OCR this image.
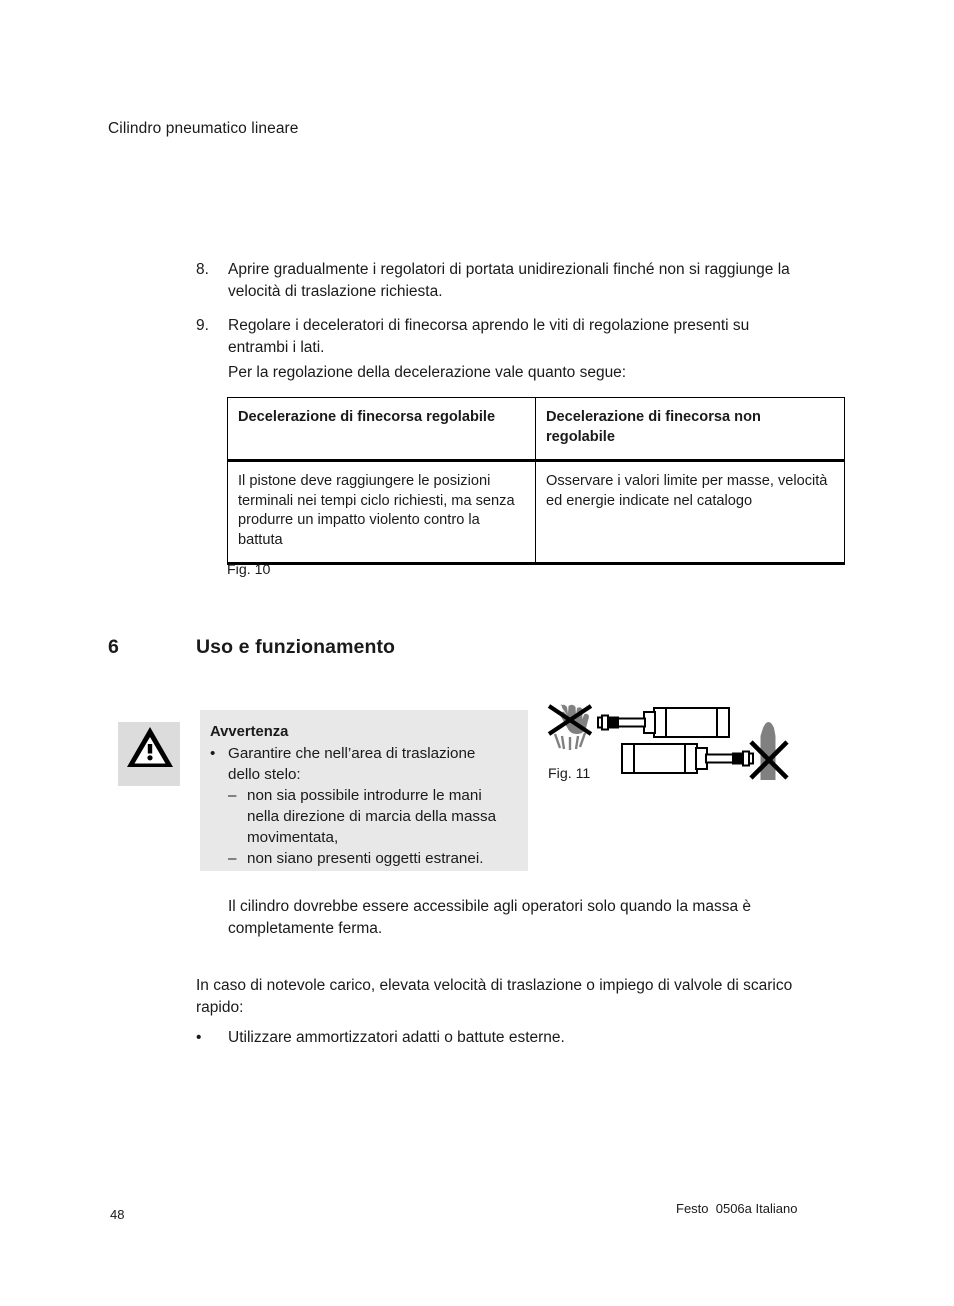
Cilindro pneumatico lineare
8.	Aprire gradualmente i regolatori di portata unidirezionali finché non si raggiunge la velocità di traslazione richiesta.
9.	Regolare i deceleratori di finecorsa aprendo le viti di regolazione presenti su entrambi i lati.
Per la regolazione della decelerazione vale quanto segue:
Decelerazione di finecorsa regolabile	Decelerazione di finecorsa non regolabile
Il pistone deve raggiungere le posizioni terminali nei tempi ciclo richiesti, ma senza produrre un impatto violento contro la battuta	Osservare i valori limite per masse, velocità ed energie indicate nel catalogo
Fig. 10
6	Uso e funzionamento
Avvertenza
• Garantire che nell’area di traslazione
dello stelo:
– non sia possibile introdurre le mani nella direzione di marcia della massa movimentata,
– non siano presenti oggetti estranei.
Fig. 11
Il cilindro dovrebbe essere accessibile agli operatori solo quando la massa è completamente ferma.
In caso di notevole carico, elevata velocità di traslazione o impiego di valvole di scarico rapido:
•	Utilizzare ammortizzatori adatti o battute esterne.
48	Festo  0506a Italiano
